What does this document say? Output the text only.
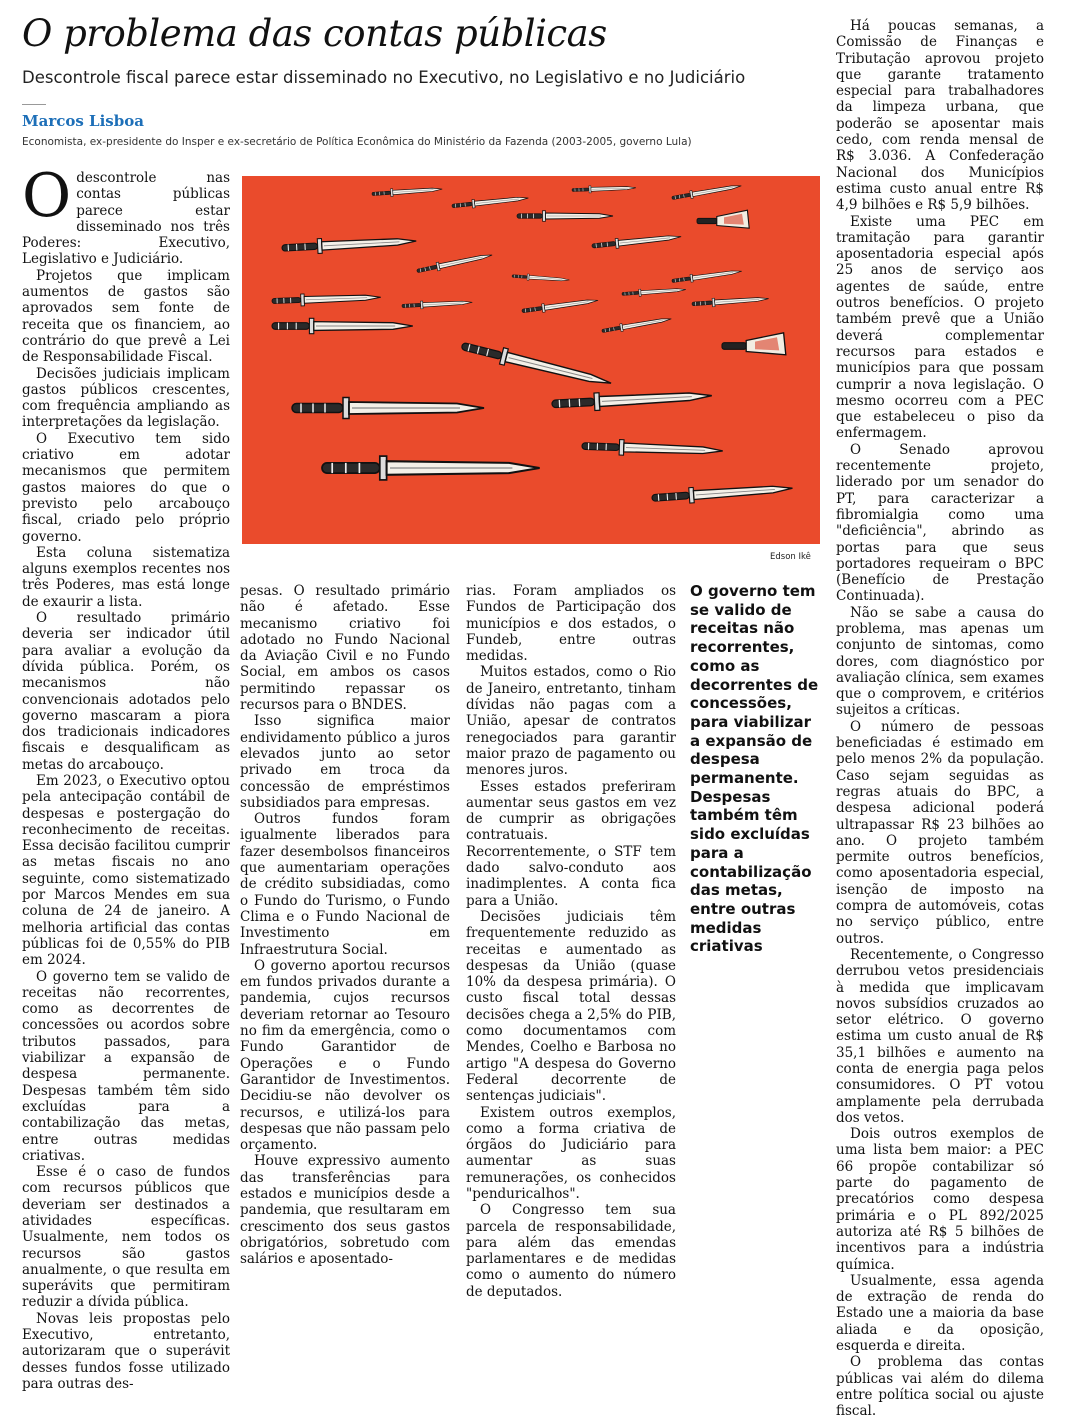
O problema das contas públicas
Descontrole fiscal parece estar disseminado no Executivo, no Legislativo e no Judiciário
Marcos Lisboa
Economista, ex-presidente do Insper e ex-secretário de Política Econômica do Ministério da Fazenda (2003-2005, governo Lula)

Odescontrole nas contas públicas parece estar disseminado nos três Poderes: Executivo, Legislativo e Judiciário.

Projetos que implicam aumentos de gastos são aprovados sem fonte de receita que os financiem, ao contrário do que prevê a Lei de Responsabilidade Fiscal.

Decisões judiciais implicam gastos públicos crescentes, com frequência ampliando as interpretações da legislação.

O Executivo tem sido criativo em adotar mecanismos que permitem gastos maiores do que o previsto pelo arcabouço fiscal, criado pelo próprio governo.

Esta coluna sistematiza alguns exemplos recentes nos três Poderes, mas está longe de exaurir a lista.

O resultado primário deveria ser indicador útil para avaliar a evolução da dívida pública. Porém, os mecanismos não convencionais adotados pelo governo mascaram a piora dos tradicionais indicadores fiscais e desqualificam as metas do arcabouço.

Em 2023, o Executivo optou pela antecipação contábil de despesas e postergação do reconhecimento de receitas. Essa decisão facilitou cumprir as metas fiscais no ano seguinte, como sistematizado por Marcos Mendes em sua coluna de 24 de janeiro. A melhoria artificial das contas públicas foi de 0,55% do PIB em 2024.

O governo tem se valido de receitas não recorrentes, como as decorrentes de concessões ou acordos sobre tributos passados, para viabilizar a expansão de despesa permanente. Despesas também têm sido excluídas para a contabilização das metas, entre outras medidas criativas.

Esse é o caso de fundos com recursos públicos que deveriam ser destinados a atividades específicas. Usualmente, nem todos os recursos são gastos anualmente, o que resulta em superávits que permitiram reduzir a dívida pública.

Novas leis propostas pelo Executivo, entretanto, autorizaram que o superávit desses fundos fosse utilizado para outras des-

Edson Ikê

pesas. O resultado primário não é afetado. Esse mecanismo criativo foi adotado no Fundo Nacional da Aviação Civil e no Fundo Social, em ambos os casos permitindo repassar os recursos para o BNDES.

Isso significa maior endividamento público a juros elevados junto ao setor privado em troca da concessão de empréstimos subsidiados para empresas.

Outros fundos foram igualmente liberados para fazer desembolsos financeiros que aumentariam operações de crédito subsidiadas, como o Fundo do Turismo, o Fundo Clima e o Fundo Nacional de Investimento em Infraestrutura Social.

O governo aportou recursos em fundos privados durante a pandemia, cujos recursos deveriam retornar ao Tesouro no fim da emergência, como o Fundo Garantidor de Operações e o Fundo Garantidor de Investimentos. Decidiu-se não devolver os recursos, e utilizá-los para despesas que não passam pelo orçamento.

Houve expressivo aumento das transferências para estados e municípios desde a pandemia, que resultaram em crescimento dos seus gastos obrigatórios, sobretudo com salários e aposentado-

rias. Foram ampliados os Fundos de Participação dos municípios e dos estados, o Fundeb, entre outras medidas.

Muitos estados, como o Rio de Janeiro, entretanto, tinham dívidas não pagas com a União, apesar de contratos renegociados para garantir maior prazo de pagamento ou menores juros.

Esses estados preferiram aumentar seus gastos em vez de cumprir as obrigações contratuais. Recorrentemente, o STF tem dado salvo-conduto aos inadimplentes. A conta fica para a União.

Decisões judiciais têm frequentemente reduzido as receitas e aumentado as despesas da União (quase 10% da despesa primária). O custo fiscal total dessas decisões chega a 2,5% do PIB, como documentamos com Mendes, Coelho e Barbosa no artigo "A despesa do Governo Federal decorrente de sentenças judiciais".

Existem outros exemplos, como a forma criativa de órgãos do Judiciário para aumentar as suas remunerações, os conhecidos "penduricalhos".

O Congresso tem sua parcela de responsabilidade, para além das emendas parlamentares e de medidas como o aumento do número de deputados.

O governo tem se valido de receitas não recorrentes, como as decorrentes de concessões, para viabilizar a expansão de despesa permanente. Despesas também têm sido excluídas para a contabilização das metas, entre outras medidas criativas

Há poucas semanas, a Comissão de Finanças e Tributação aprovou projeto que garante tratamento especial para trabalhadores da limpeza urbana, que poderão se aposentar mais cedo, com renda mensal de R$ 3.036. A Confederação Nacional dos Municípios estima custo anual entre R$ 4,9 bilhões e R$ 5,9 bilhões.

Existe uma PEC em tramitação para garantir aposentadoria especial após 25 anos de serviço aos agentes de saúde, entre outros benefícios. O projeto também prevê que a União deverá complementar recursos para estados e municípios para que possam cumprir a nova legislação. O mesmo ocorreu com a PEC que estabeleceu o piso da enfermagem.

O Senado aprovou recentemente projeto, liderado por um senador do PT, para caracterizar a fibromialgia como uma "deficiência", abrindo as portas para que seus portadores requeiram o BPC (Benefício de Prestação Continuada).

Não se sabe a causa do problema, mas apenas um conjunto de sintomas, como dores, com diagnóstico por avaliação clínica, sem exames que o comprovem, e critérios sujeitos a críticas.

O número de pessoas beneficiadas é estimado em pelo menos 2% da população. Caso sejam seguidas as regras atuais do BPC, a despesa adicional poderá ultrapassar R$ 23 bilhões ao ano. O projeto também permite outros benefícios, como aposentadoria especial, isenção de imposto na compra de automóveis, cotas no serviço público, entre outros.

Recentemente, o Congresso derrubou vetos presidenciais à medida que implicavam novos subsídios cruzados ao setor elétrico. O governo estima um custo anual de R$ 35,1 bilhões e aumento na conta de energia paga pelos consumidores. O PT votou amplamente pela derrubada dos vetos.

Dois outros exemplos de uma lista bem maior: a PEC 66 propõe contabilizar só parte do pagamento de precatórios como despesa primária e o PL 892/2025 autoriza até R$ 5 bilhões de incentivos para a indústria química.

Usualmente, essa agenda de extração de renda do Estado une a maioria da base aliada e da oposição, esquerda e direita.

O problema das contas públicas vai além do dilema entre política social ou ajuste fiscal.
